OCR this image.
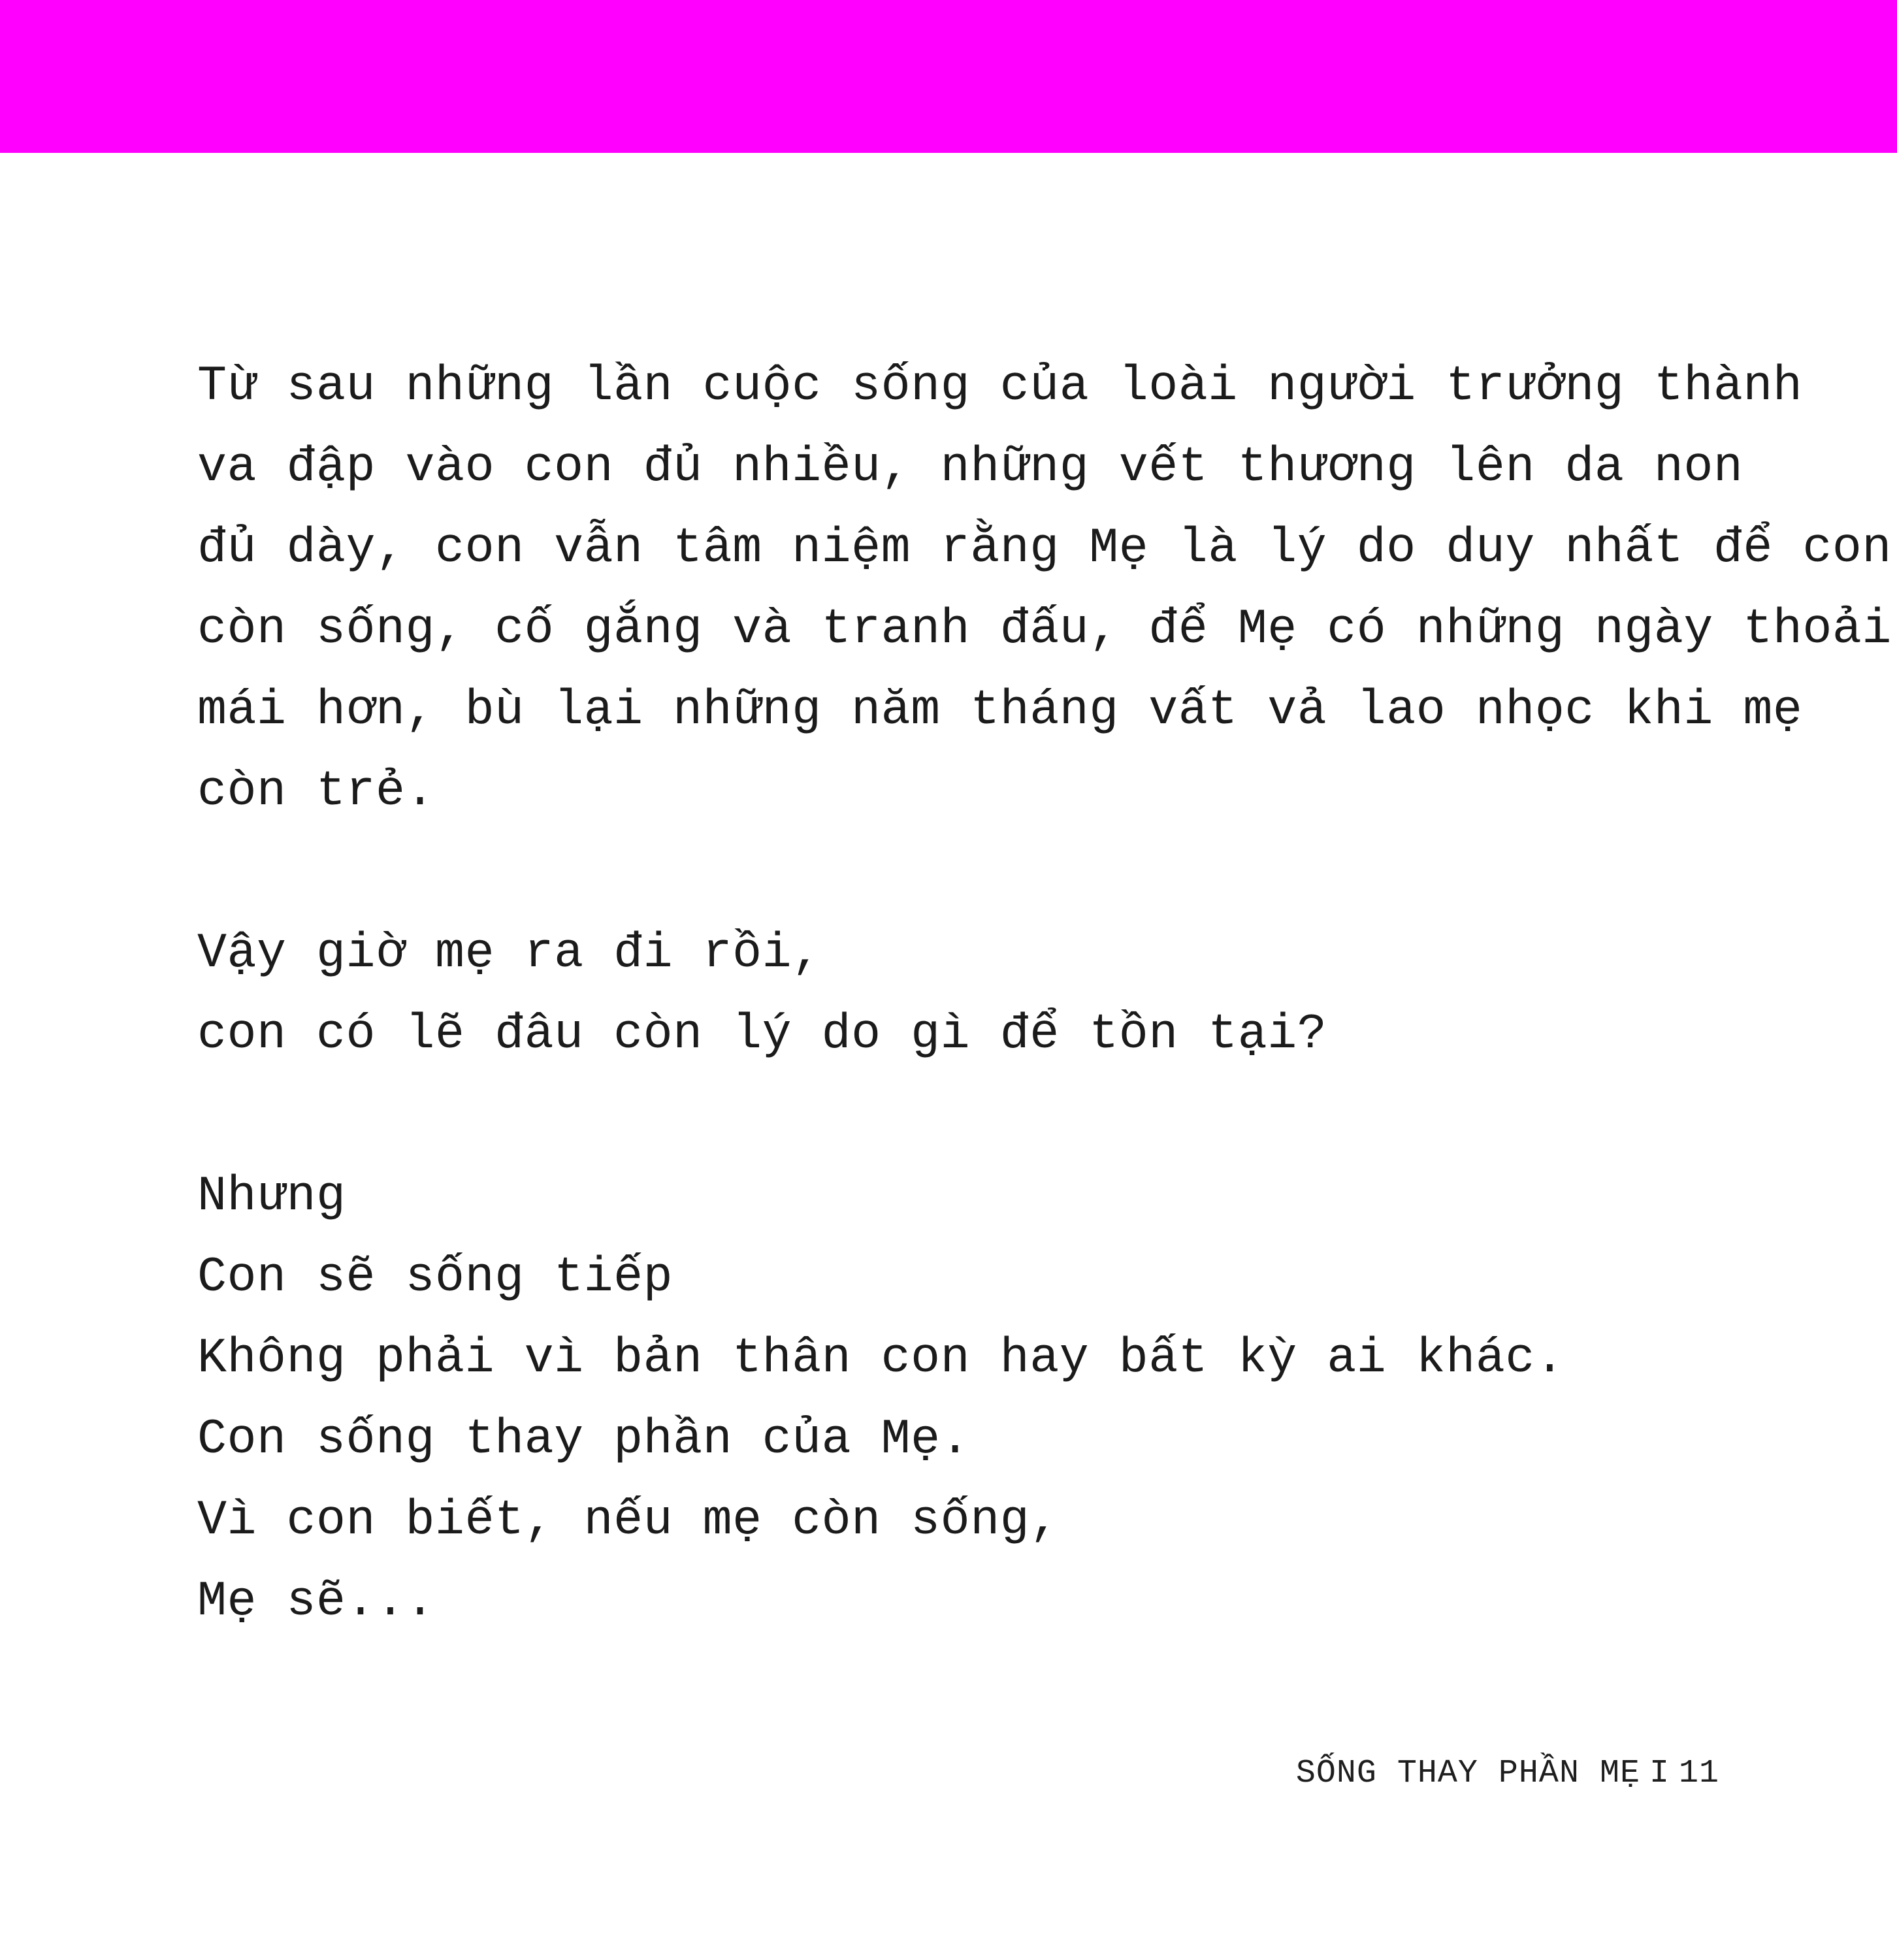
Từ sau những lần cuộc sống của loài người trưởng thành
va đập vào con đủ nhiều, những vết thương lên da non
đủ dày, con vẫn tâm niệm rằng Mẹ là lý do duy nhất để con
còn sống, cố gắng và tranh đấu, để Mẹ có những ngày thoải
mái hơn, bù lại những năm tháng vất vả lao nhọc khi mẹ
còn trẻ.
Vậy giờ mẹ ra đi rồi,
con có lẽ đâu còn lý do gì để tồn tại?
Nhưng
Con sẽ sống tiếp
Không phải vì bản thân con hay bất kỳ ai khác.
Con sống thay phần của Mẹ.
Vì con biết, nếu mẹ còn sống,
Mẹ sẽ...
SỐNG THAY PHẦN MẸ I 11
